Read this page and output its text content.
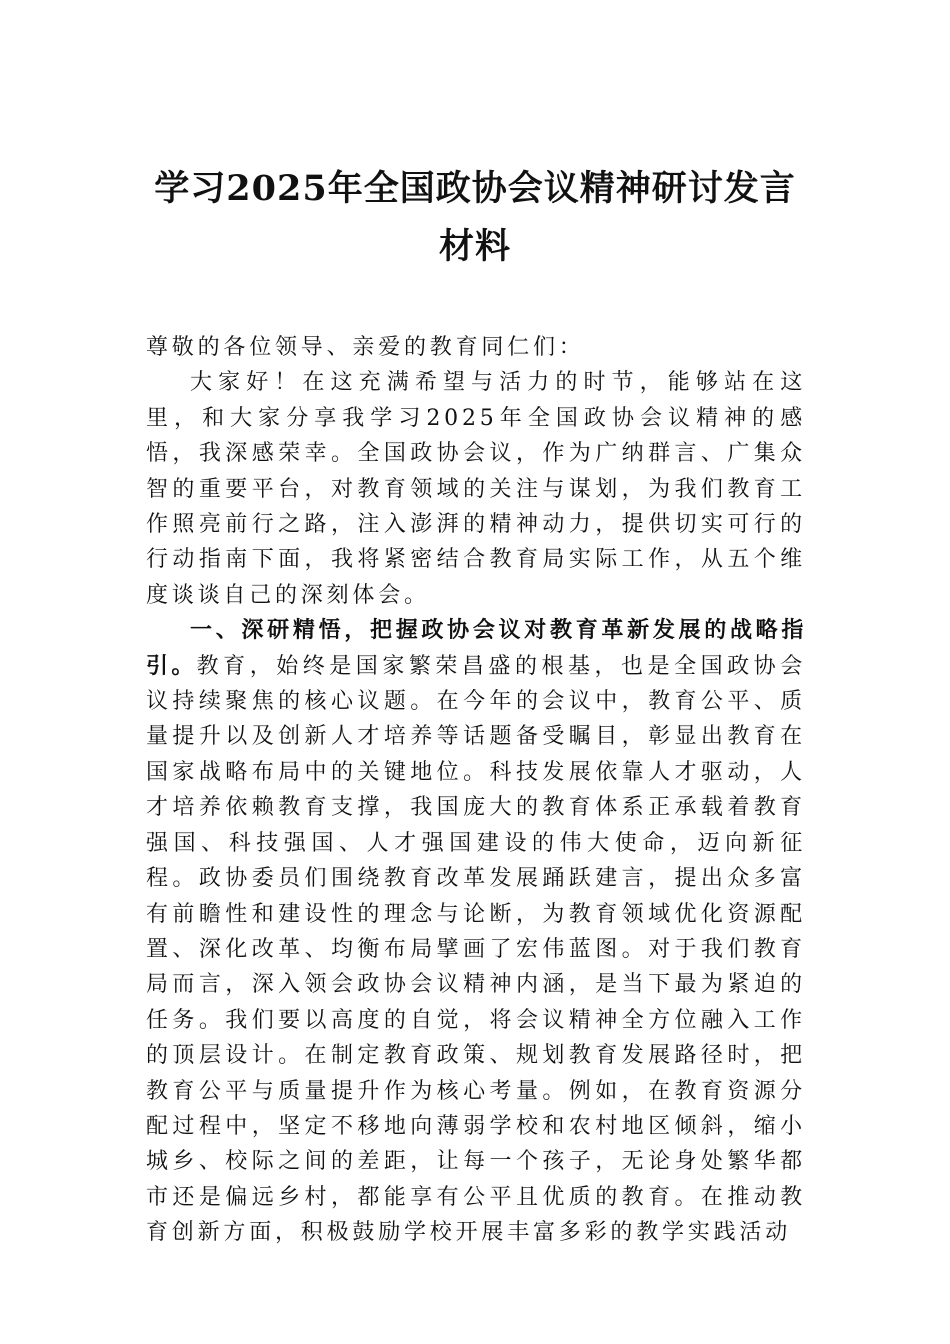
学习2025年全国政协会议精神研讨发言材料

尊敬的各位领导、亲爱的教育同仁们：

大家好！在这充满希望与活力的时节，能够站在这里，和大家分享我学习2025年全国政协会议精神的感悟，我深感荣幸。全国政协会议，作为广纳群言、广集众智的重要平台，对教育领域的关注与谋划，为我们教育工作照亮前行之路，注入澎湃的精神动力，提供切实可行的行动指南下面，我将紧密结合教育局实际工作，从五个维度谈谈自己的深刻体会。

一、深研精悟，把握政协会议对教育革新发展的战略指引。教育，始终是国家繁荣昌盛的根基，也是全国政协会议持续聚焦的核心议题。在今年的会议中，教育公平、质量提升以及创新人才培养等话题备受瞩目，彰显出教育在国家战略布局中的关键地位。科技发展依靠人才驱动，人才培养依赖教育支撑，我国庞大的教育体系正承载着教育强国、科技强国、人才强国建设的伟大使命，迈向新征程。政协委员们围绕教育改革发展踊跃建言，提出众多富有前瞻性和建设性的理念与论断，为教育领域优化资源配置、深化改革、均衡布局擘画了宏伟蓝图。对于我们教育局而言，深入领会政协会议精神内涵，是当下最为紧迫的任务。我们要以高度的自觉，将会议精神全方位融入工作的顶层设计。在制定教育政策、规划教育发展路径时，把教育公平与质量提升作为核心考量。例如，在教育资源分配过程中，坚定不移地向薄弱学校和农村地区倾斜，缩小城乡、校际之间的差距，让每一个孩子，无论身处繁华都市还是偏远乡村，都能享有公平且优质的教育。在推动教育创新方面，积极鼓励学校开展丰富多彩的教学实践活动
